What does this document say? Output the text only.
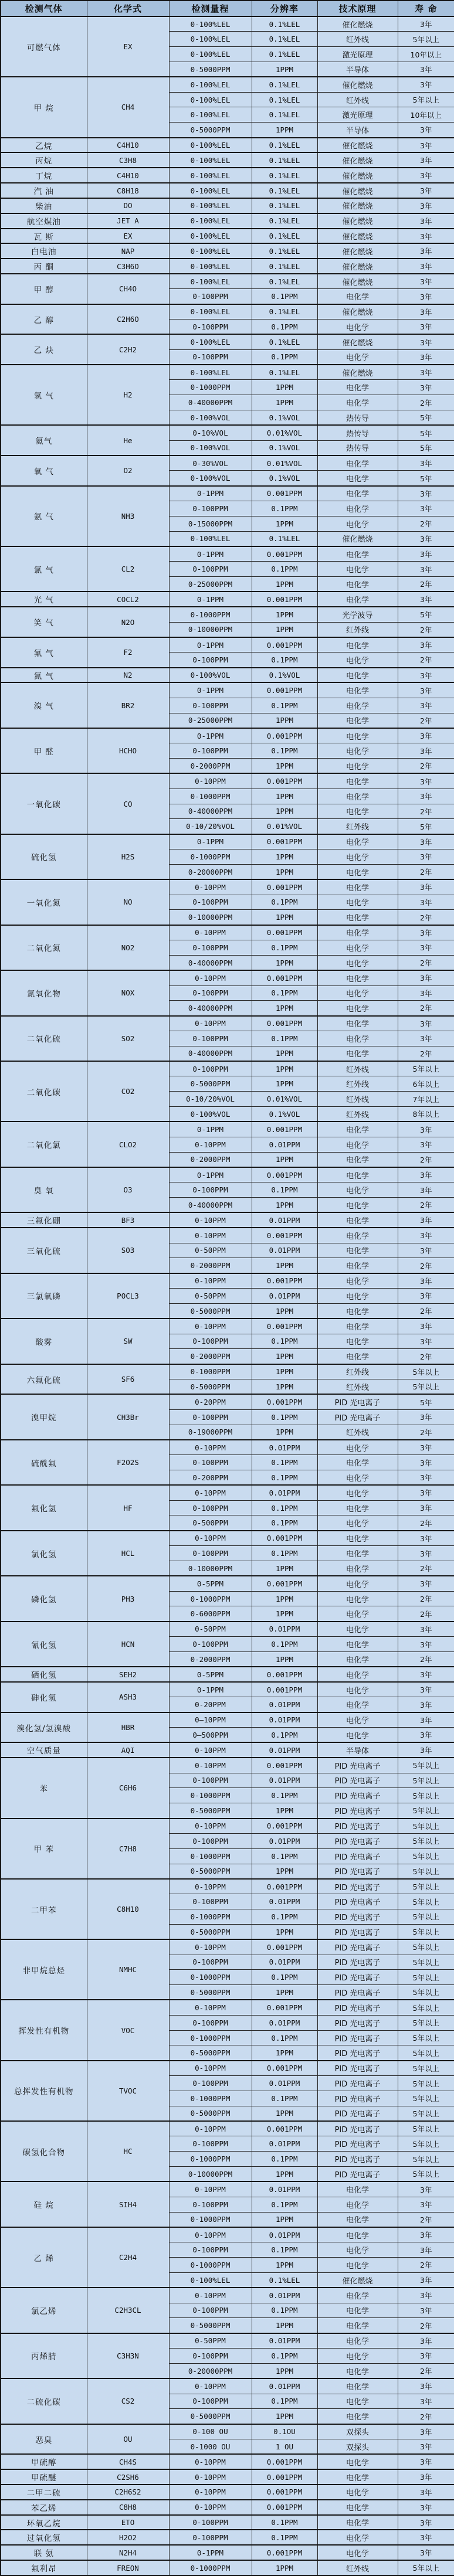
检测气体	化学式	检测量程	分辨率	技术原理	寿 命
可燃气体	EX	0-100%LEL	0.1%LEL	催化燃烧	3年
		0-100%LEL	0.1%LEL	红外线	5年以上
		0-100%LEL	0.1%LEL	激光原理	10年以上
		0-5000PPM	1PPM	半导体	3年
甲 烷	CH4	0-100%LEL	0.1%LEL	催化燃烧	3年
		0-100%LEL	0.1%LEL	红外线	5年以上
		0-100%LEL	0.1%LEL	激光原理	10年以上
		0-5000PPM	1PPM	半导体	3年
乙烷	C4H10	0-100%LEL	0.1%LEL	催化燃烧	3年
丙烷	C3H8	0-100%LEL	0.1%LEL	催化燃烧	3年
丁烷	C4H10	0-100%LEL	0.1%LEL	催化燃烧	3年
汽 油	C8H18	0-100%LEL	0.1%LEL	催化燃烧	3年
柴油	DO	0-100%LEL	0.1%LEL	催化燃烧	3年
航空煤油	JET A	0-100%LEL	0.1%LEL	催化燃烧	3年
瓦 斯	EX	0-100%LEL	0.1%LEL	催化燃烧	3年
白电油	NAP	0-100%LEL	0.1%LEL	催化燃烧	3年
丙 酮	C3H6O	0-100%LEL	0.1%LEL	催化燃烧	3年
甲 醇	CH4O	0-100%LEL	0.1%LEL	催化燃烧	3年
		0-100PPM	0.1PPM	电化学	3年
乙 醇	C2H6O	0-100%LEL	0.1%LEL	催化燃烧	3年
		0-100PPM	0.1PPM	电化学	3年
乙 炔	C2H2	0-100%LEL	0.1%LEL	催化燃烧	3年
		0-100PPM	0.1PPM	电化学	3年
氢 气	H2	0-100%LEL	0.1%LEL	催化燃烧	3年
		0-1000PPM	1PPM	电化学	3年
		0-40000PPM	1PPM	电化学	2年
		0-100%VOL	0.1%VOL	热传导	5年
氦气	He	0-10%VOL	0.01%VOL	热传导	5年
		0-100%VOL	0.1%VOL	热传导	5年
氧 气	O2	0-30%VOL	0.01%VOL	电化学	3年
		0-100%VOL	0.1%VOL	电化学	5年
氨 气	NH3	0-1PPM	0.001PPM	电化学	3年
		0-100PPM	0.1PPM	电化学	3年
		0-15000PPM	1PPM	电化学	2年
		0-100%LEL	0.1%LEL	催化燃烧	3年
氯 气	CL2	0-1PPM	0.001PPM	电化学	3年
		0-100PPM	0.1PPM	电化学	3年
		0-25000PPM	1PPM	电化学	2年
光 气	COCL2	0-1PPM	0.001PPM	电化学	3年
笑 气	N2O	0-1000PPM	1PPM	光学波导	5年
		0-10000PPM	1PPM	红外线	2年
氟 气	F2	0-1PPM	0.001PPM	电化学	3年
		0-100PPM	0.1PPM	电化学	2年
氮 气	N2	0-100%VOL	0.1%VOL	电化学	3年
溴 气	BR2	0-1PPM	0.001PPM	电化学	3年
		0-100PPM	0.1PPM	电化学	3年
		0-25000PPM	1PPM	电化学	2年
甲 醛	HCHO	0-1PPM	0.001PPM	电化学	3年
		0-100PPM	0.1PPM	电化学	3年
		0-2000PPM	1PPM	电化学	2年
一氧化碳	CO	0-10PPM	0.001PPM	电化学	3年
		0-1000PPM	1PPM	电化学	3年
		0-40000PPM	1PPM	电化学	2年
		0-10/20%VOL	0.01%VOL	红外线	5年
硫化氢	H2S	0-1PPM	0.001PPM	电化学	3年
		0-1000PPM	1PPM	电化学	3年
		0-20000PPM	1PPM	电化学	2年
一氧化氮	NO	0-10PPM	0.001PPM	电化学	3年
		0-100PPM	0.1PPM	电化学	3年
		0-10000PPM	1PPM	电化学	2年
二氧化氮	NO2	0-10PPM	0.001PPM	电化学	3年
		0-100PPM	0.1PPM	电化学	3年
		0-40000PPM	1PPM	电化学	2年
氮氧化物	NOX	0-10PPM	0.001PPM	电化学	3年
		0-100PPM	0.1PPM	电化学	3年
		0-40000PPM	1PPM	电化学	2年
二氧化硫	SO2	0-10PPM	0.001PPM	电化学	3年
		0-100PPM	0.1PPM	电化学	3年
		0-40000PPM	1PPM	电化学	2年
二氧化碳	CO2	0-100PPM	1PPM	红外线	5年以上
		0-5000PPM	1PPM	红外线	6年以上
		0-10/20%VOL	0.01%VOL	红外线	7年以上
		0-100%VOL	0.1%VOL	红外线	8年以上
二氧化氯	CLO2	0-1PPM	0.001PPM	电化学	3年
		0-10PPM	0.01PPM	电化学	3年
		0-2000PPM	1PPM	电化学	2年
臭 氧	O3	0-1PPM	0.001PPM	电化学	3年
		0-100PPM	0.1PPM	电化学	3年
		0-40000PPM	1PPM	电化学	2年
三氟化硼	BF3	0-10PPM	0.01PPM	电化学	3年
三氧化硫	SO3	0-10PPM	0.001PPM	电化学	3年
		0-50PPM	0.01PPM	电化学	3年
		0-2000PPM	1PPM	电化学	2年
三氯氧磷	POCL3	0-10PPM	0.001PPM	电化学	3年
		0-50PPM	0.01PPM	电化学	3年
		0-5000PPM	1PPM	电化学	2年
酸雾	SW	0-10PPM	0.001PPM	电化学	3年
		0-100PPM	0.1PPM	电化学	3年
		0-2000PPM	1PPM	电化学	2年
六氟化硫	SF6	0-1000PPM	1PPM	红外线	5年以上
		0-5000PPM	1PPM	红外线	5年以上
溴甲烷	CH3Br	0-20PPM	0.001PPM	PID 光电离子	5年
		0-100PPM	0.1PPM	PID 光电离子	3年
		0-19000PPM	1PPM	红外线	2年
硫酰氟	F2O2S	0-10PPM	0.01PPM	电化学	3年
		0-100PPM	0.1PPM	电化学	3年
		0-200PPM	0.1PPM	电化学	3年
氟化氢	HF	0-10PPM	0.01PPM	电化学	3年
		0-100PPM	0.1PPM	电化学	3年
		0-500PPM	0.1PPM	电化学	2年
氯化氢	HCL	0-10PPM	0.001PPM	电化学	3年
		0-100PPM	0.1PPM	电化学	3年
		0-10000PPM	1PPM	电化学	2年
磷化氢	PH3	0-5PPM	0.001PPM	电化学	3年
		0-1000PPM	1PPM	电化学	2年
		0-6000PPM	1PPM	电化学	2年
氰化氢	HCN	0-50PPM	0.01PPM	电化学	3年
		0-100PPM	0.1PPM	电化学	3年
		0-2000PPM	1PPM	电化学	2年
硒化氢	SEH2	0-5PPM	0.001PPM	电化学	3年
砷化氢	ASH3	0-1PPM	0.001PPM	电化学	3年
		0-20PPM	0.01PPM	电化学	3年
溴化氢/氢溴酸	HBR	0—10PPM	0.01PPM	电化学	3年
		0—500PPM	0.1PPM	电化学	3年
空气质量	AQI	0-10PPM	0.01PPM	半导体	3年
苯	C6H6	0-10PPM	0.001PPM	PID 光电离子	5年以上
		0-100PPM	0.01PPM	PID 光电离子	5年以上
		0-1000PPM	0.1PPM	PID 光电离子	5年以上
		0-5000PPM	1PPM	PID 光电离子	5年以上
甲 苯	C7H8	0-10PPM	0.001PPM	PID 光电离子	5年以上
		0-100PPM	0.01PPM	PID 光电离子	5年以上
		0-1000PPM	0.1PPM	PID 光电离子	5年以上
		0-5000PPM	1PPM	PID 光电离子	5年以上
二甲苯	C8H10	0-10PPM	0.001PPM	PID 光电离子	5年以上
		0-100PPM	0.01PPM	PID 光电离子	5年以上
		0-1000PPM	0.1PPM	PID 光电离子	5年以上
		0-5000PPM	1PPM	PID 光电离子	5年以上
非甲烷总烃	NMHC	0-10PPM	0.001PPM	PID 光电离子	5年以上
		0-100PPM	0.01PPM	PID 光电离子	5年以上
		0-1000PPM	0.1PPM	PID 光电离子	5年以上
		0-5000PPM	1PPM	PID 光电离子	5年以上
挥发性有机物	VOC	0-10PPM	0.001PPM	PID 光电离子	5年以上
		0-100PPM	0.01PPM	PID 光电离子	5年以上
		0-1000PPM	0.1PPM	PID 光电离子	5年以上
		0-5000PPM	1PPM	PID 光电离子	5年以上
总挥发性有机物	TVOC	0-10PPM	0.001PPM	PID 光电离子	5年以上
		0-100PPM	0.01PPM	PID 光电离子	5年以上
		0-1000PPM	0.1PPM	PID 光电离子	5年以上
		0-5000PPM	1PPM	PID 光电离子	5年以上
碳氢化合物	HC	0-10PPM	0.001PPM	PID 光电离子	5年以上
		0-100PPM	0.01PPM	PID 光电离子	5年以上
		0-1000PPM	0.1PPM	PID 光电离子	5年以上
		0-10000PPM	1PPM	PID 光电离子	5年以上
硅 烷	SIH4	0-10PPM	0.01PPM	电化学	3年
		0-100PPM	0.1PPM	电化学	3年
		0-1000PPM	1PPM	电化学	2年
乙 烯	C2H4	0-10PPM	0.01PPM	电化学	3年
		0-100PPM	0.1PPM	电化学	3年
		0-1000PPM	1PPM	电化学	2年
		0-100%LEL	0.1%LEL	催化燃烧	3年
氯乙烯	C2H3CL	0-10PPM	0.01PPM	电化学	3年
		0-100PPM	0.1PPM	电化学	3年
		0-5000PPM	1PPM	电化学	2年
丙烯腈	C3H3N	0-50PPM	0.01PPM	电化学	3年
		0-100PPM	0.1PPM	电化学	3年
		0-20000PPM	1PPM	电化学	2年
二硫化碳	CS2	0-10PPM	0.01PPM	电化学	3年
		0-100PPM	0.1PPM	电化学	3年
		0-5000PPM	1PPM	电化学	2年
恶臭	OU	0-100 OU	0.1OU	双探头	3年
		0-1000 OU	1 OU	双探头	3年
甲硫醇	CH4S	0-10PPM	0.001PPM	电化学	3年
甲硫醚	C2SH6	0-10PPM	0.001PPM	电化学	3年
二甲二硫	C2H6S2	0-10PPM	0.001PPM	电化学	3年
苯乙烯	C8H8	0-10PPM	0.001PPM	电化学	3年
环氧乙烷	ETO	0-100PPM	0.1PPM	电化学	3年
过氧化氢	H2O2	0-100PPM	0.1PPM	电化学	3年
联 氨	N2H4	0-1PPM	0.001PPM	电化学	3年
氟利昂	FREON	0-1000PPM	1PPM	红外线	5年以上
